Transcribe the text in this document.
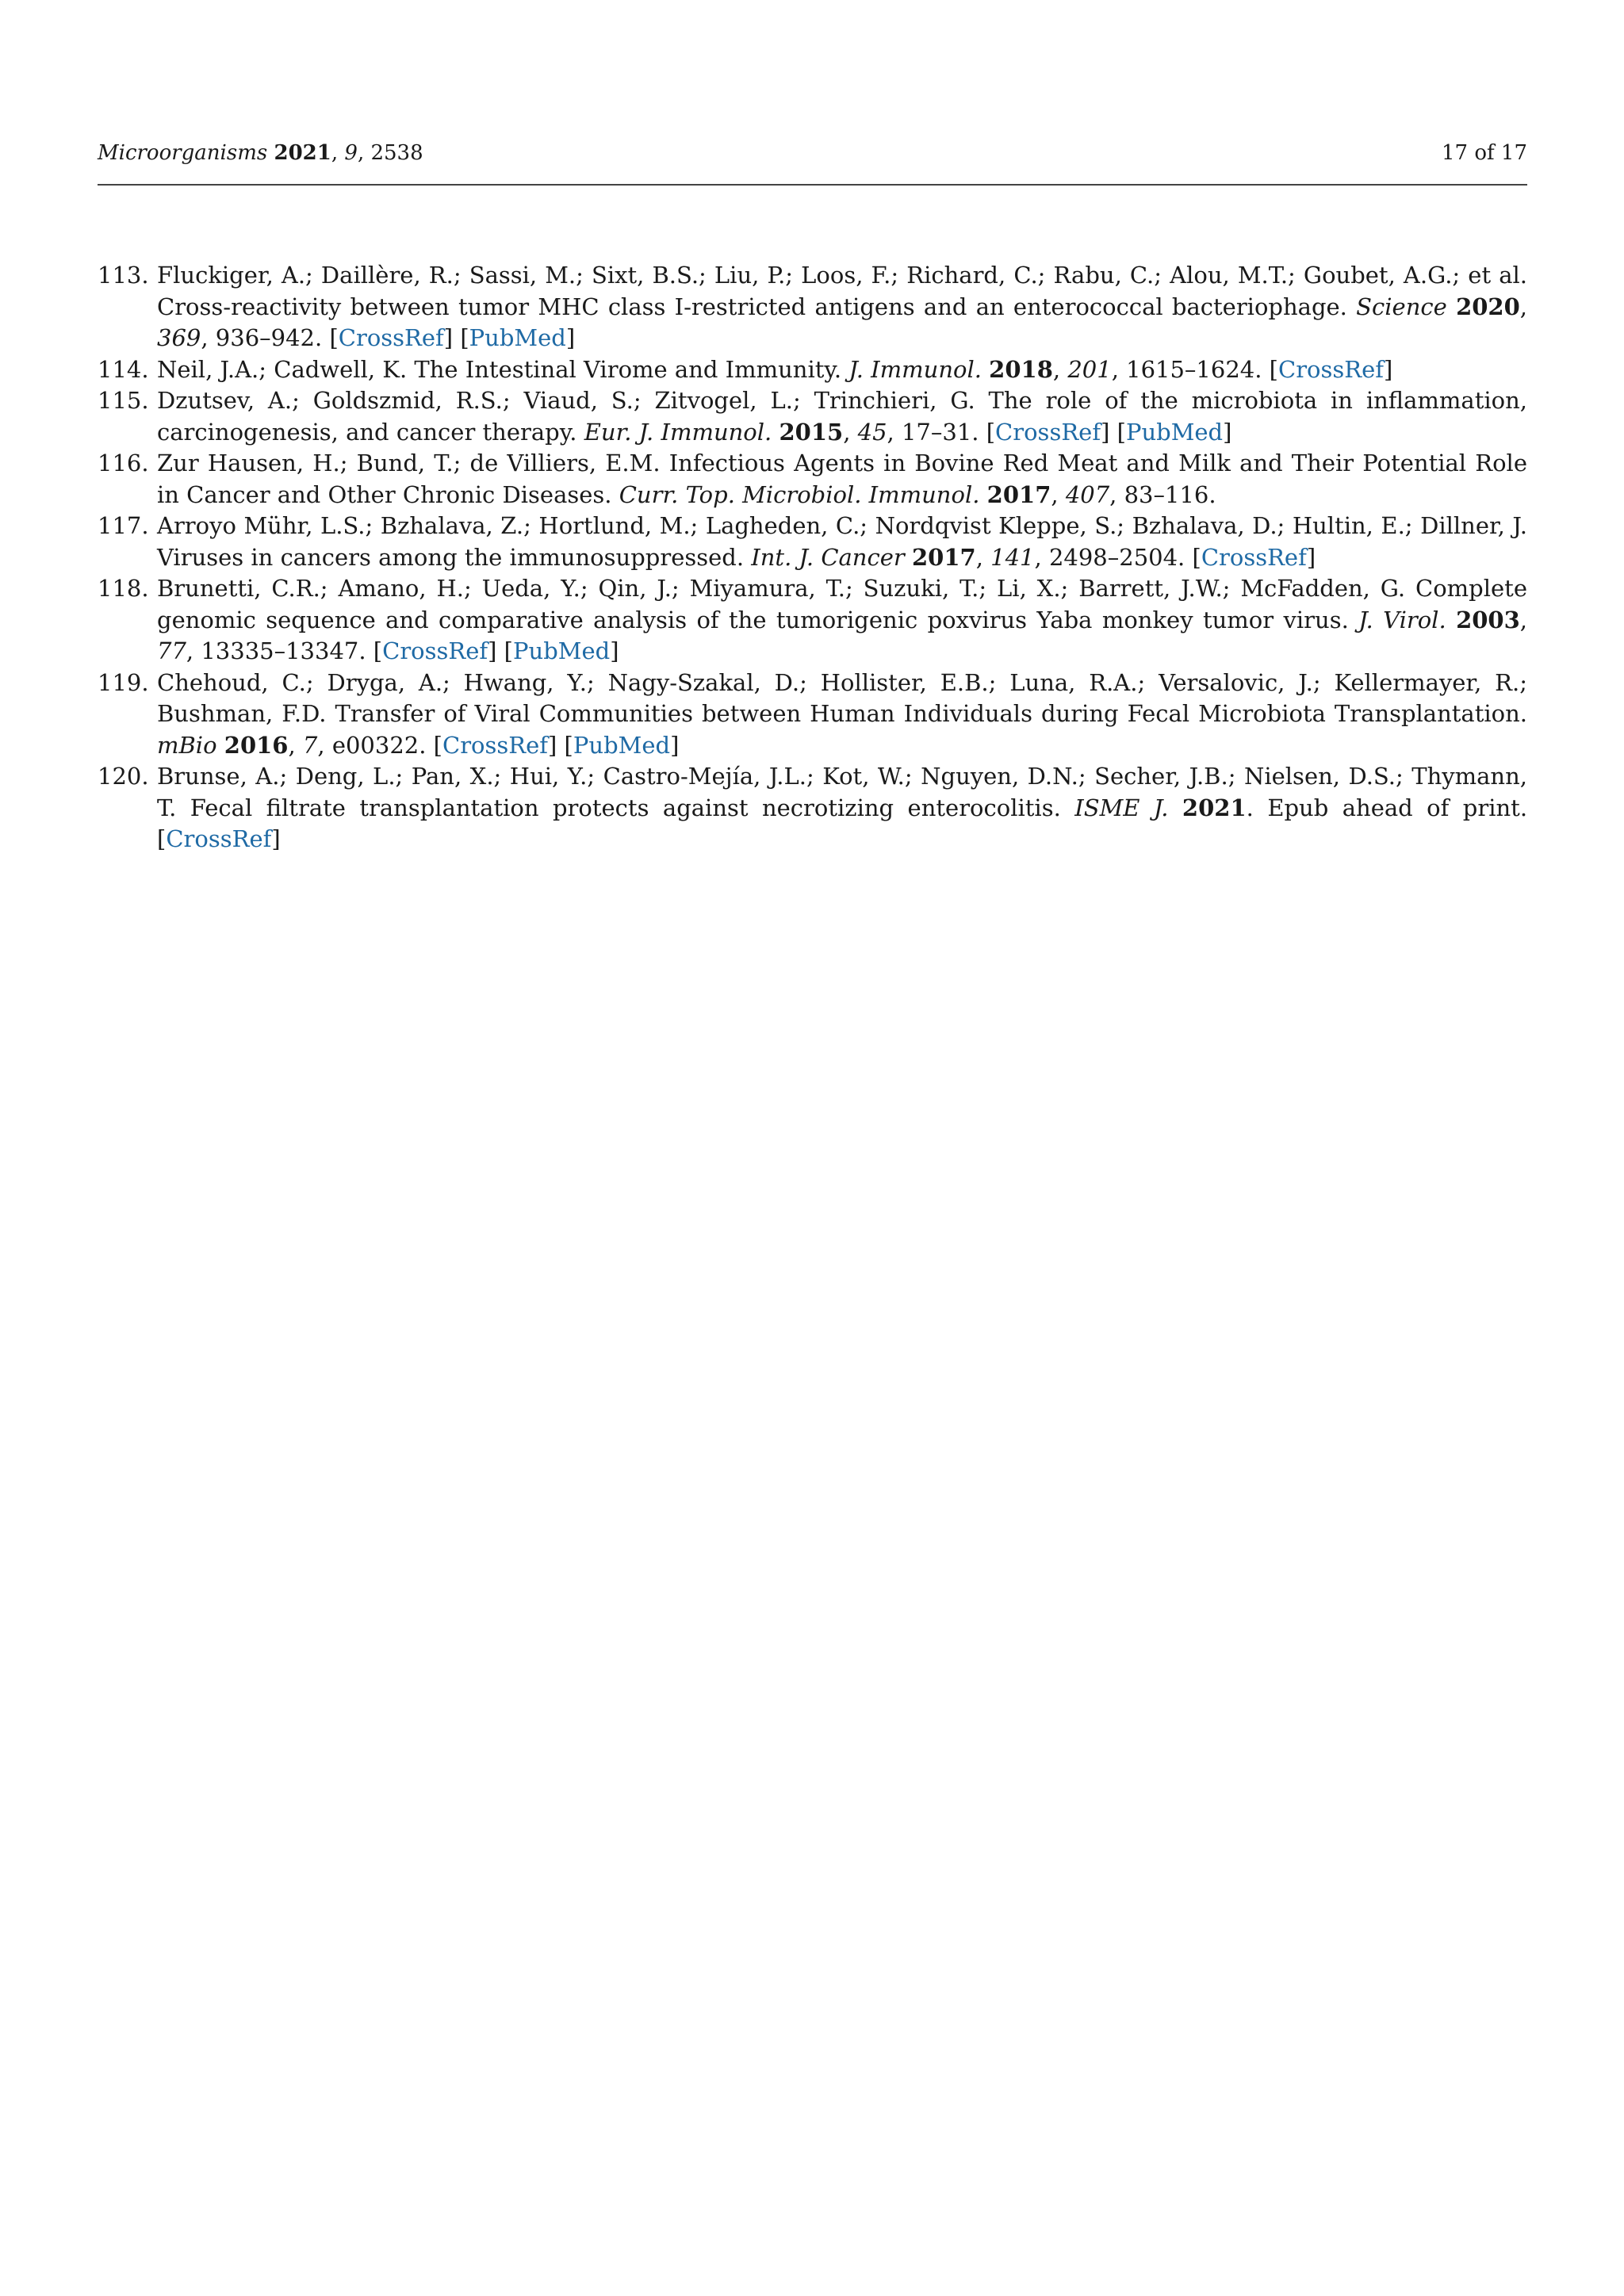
Microorganisms 2021, 9, 2538	17 of 17
113. Fluckiger, A.; Daillère, R.; Sassi, M.; Sixt, B.S.; Liu, P.; Loos, F.; Richard, C.; Rabu, C.; Alou, M.T.; Goubet, A.G.; et al. Cross-reactivity between tumor MHC class I-restricted antigens and an enterococcal bacteriophage. Science 2020, 369, 936–942. [CrossRef] [PubMed]
114. Neil, J.A.; Cadwell, K. The Intestinal Virome and Immunity. J. Immunol. 2018, 201, 1615–1624. [CrossRef]
115. Dzutsev, A.; Goldszmid, R.S.; Viaud, S.; Zitvogel, L.; Trinchieri, G. The role of the microbiota in inflammation, carcinogenesis, and cancer therapy. Eur. J. Immunol. 2015, 45, 17–31. [CrossRef] [PubMed]
116. Zur Hausen, H.; Bund, T.; de Villiers, E.M. Infectious Agents in Bovine Red Meat and Milk and Their Potential Role in Cancer and Other Chronic Diseases. Curr. Top. Microbiol. Immunol. 2017, 407, 83–116.
117. Arroyo Mühr, L.S.; Bzhalava, Z.; Hortlund, M.; Lagheden, C.; Nordqvist Kleppe, S.; Bzhalava, D.; Hultin, E.; Dillner, J. Viruses in cancers among the immunosuppressed. Int. J. Cancer 2017, 141, 2498–2504. [CrossRef]
118. Brunetti, C.R.; Amano, H.; Ueda, Y.; Qin, J.; Miyamura, T.; Suzuki, T.; Li, X.; Barrett, J.W.; McFadden, G. Complete genomic sequence and comparative analysis of the tumorigenic poxvirus Yaba monkey tumor virus. J. Virol. 2003, 77, 13335–13347. [CrossRef] [PubMed]
119. Chehoud, C.; Dryga, A.; Hwang, Y.; Nagy-Szakal, D.; Hollister, E.B.; Luna, R.A.; Versalovic, J.; Kellermayer, R.; Bushman, F.D. Transfer of Viral Communities between Human Individuals during Fecal Microbiota Transplantation. mBio 2016, 7, e00322. [CrossRef] [PubMed]
120. Brunse, A.; Deng, L.; Pan, X.; Hui, Y.; Castro-Mejía, J.L.; Kot, W.; Nguyen, D.N.; Secher, J.B.; Nielsen, D.S.; Thymann, T. Fecal filtrate transplantation protects against necrotizing enterocolitis. ISME J. 2021. Epub ahead of print. [CrossRef]
